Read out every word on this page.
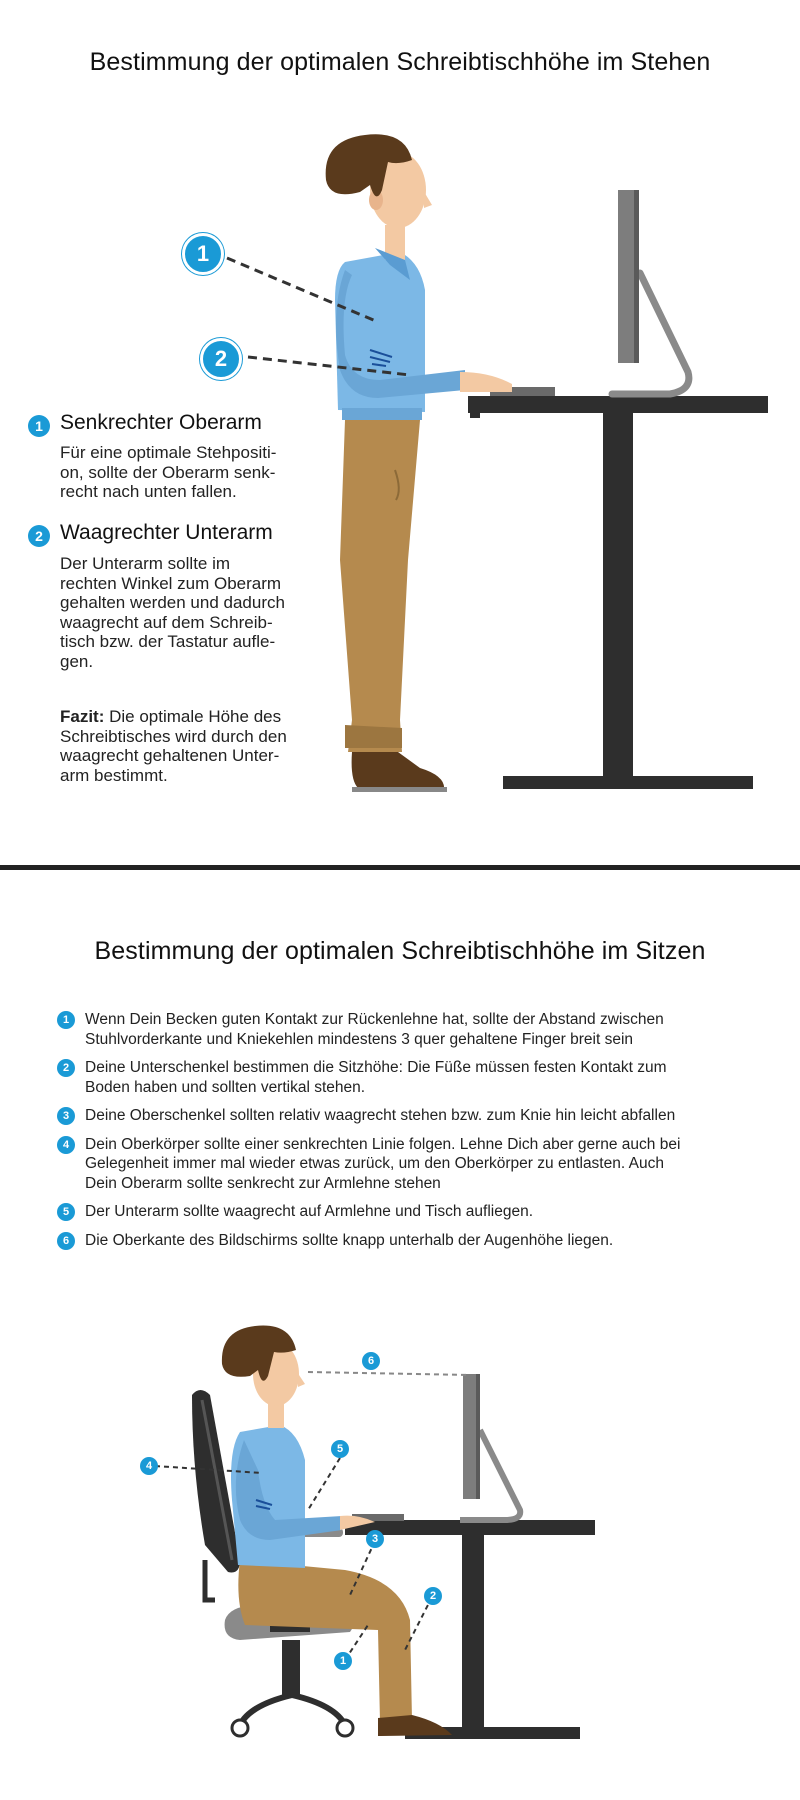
Bestimmung der optimalen Schreibtischhöhe im Stehen
1
2
1 Senkrechter Oberarm
Für eine optimale Stehpositi-
on, sollte der Oberarm senk-
recht nach unten fallen.
2 Waagrechter Unterarm
Der Unterarm sollte im
rechten Winkel zum Oberarm
gehalten werden und dadurch
waagrecht auf dem Schreib-
tisch bzw. der Tastatur aufle-
gen.
Fazit: Die optimale Höhe des
Schreibtisches wird durch den
waagrecht gehaltenen Unter-
arm bestimmt.
Bestimmung der optimalen Schreibtischhöhe im Sitzen
1	Wenn Dein Becken guten Kontakt zur Rückenlehne hat, sollte der Abstand zwischen
Stuhlvorderkante und Kniekehlen mindestens 3 quer gehaltene Finger breit sein
2	Deine Unterschenkel bestimmen die Sitzhöhe: Die Füße müssen festen Kontakt zum
Boden haben und sollten vertikal stehen.
3	Deine Oberschenkel sollten relativ waagrecht stehen bzw. zum Knie hin leicht abfallen
4	Dein Oberkörper sollte einer senkrechten Linie folgen. Lehne Dich aber gerne auch bei
Gelegenheit immer mal wieder etwas zurück, um den Oberkörper zu entlasten. Auch
Dein Oberarm sollte senkrecht zur Armlehne stehen
5	Der Unterarm sollte waagrecht auf Armlehne und Tisch aufliegen.
6	Die Oberkante des Bildschirms sollte knapp unterhalb der Augenhöhe liegen.
6
5
4
3
2
1
